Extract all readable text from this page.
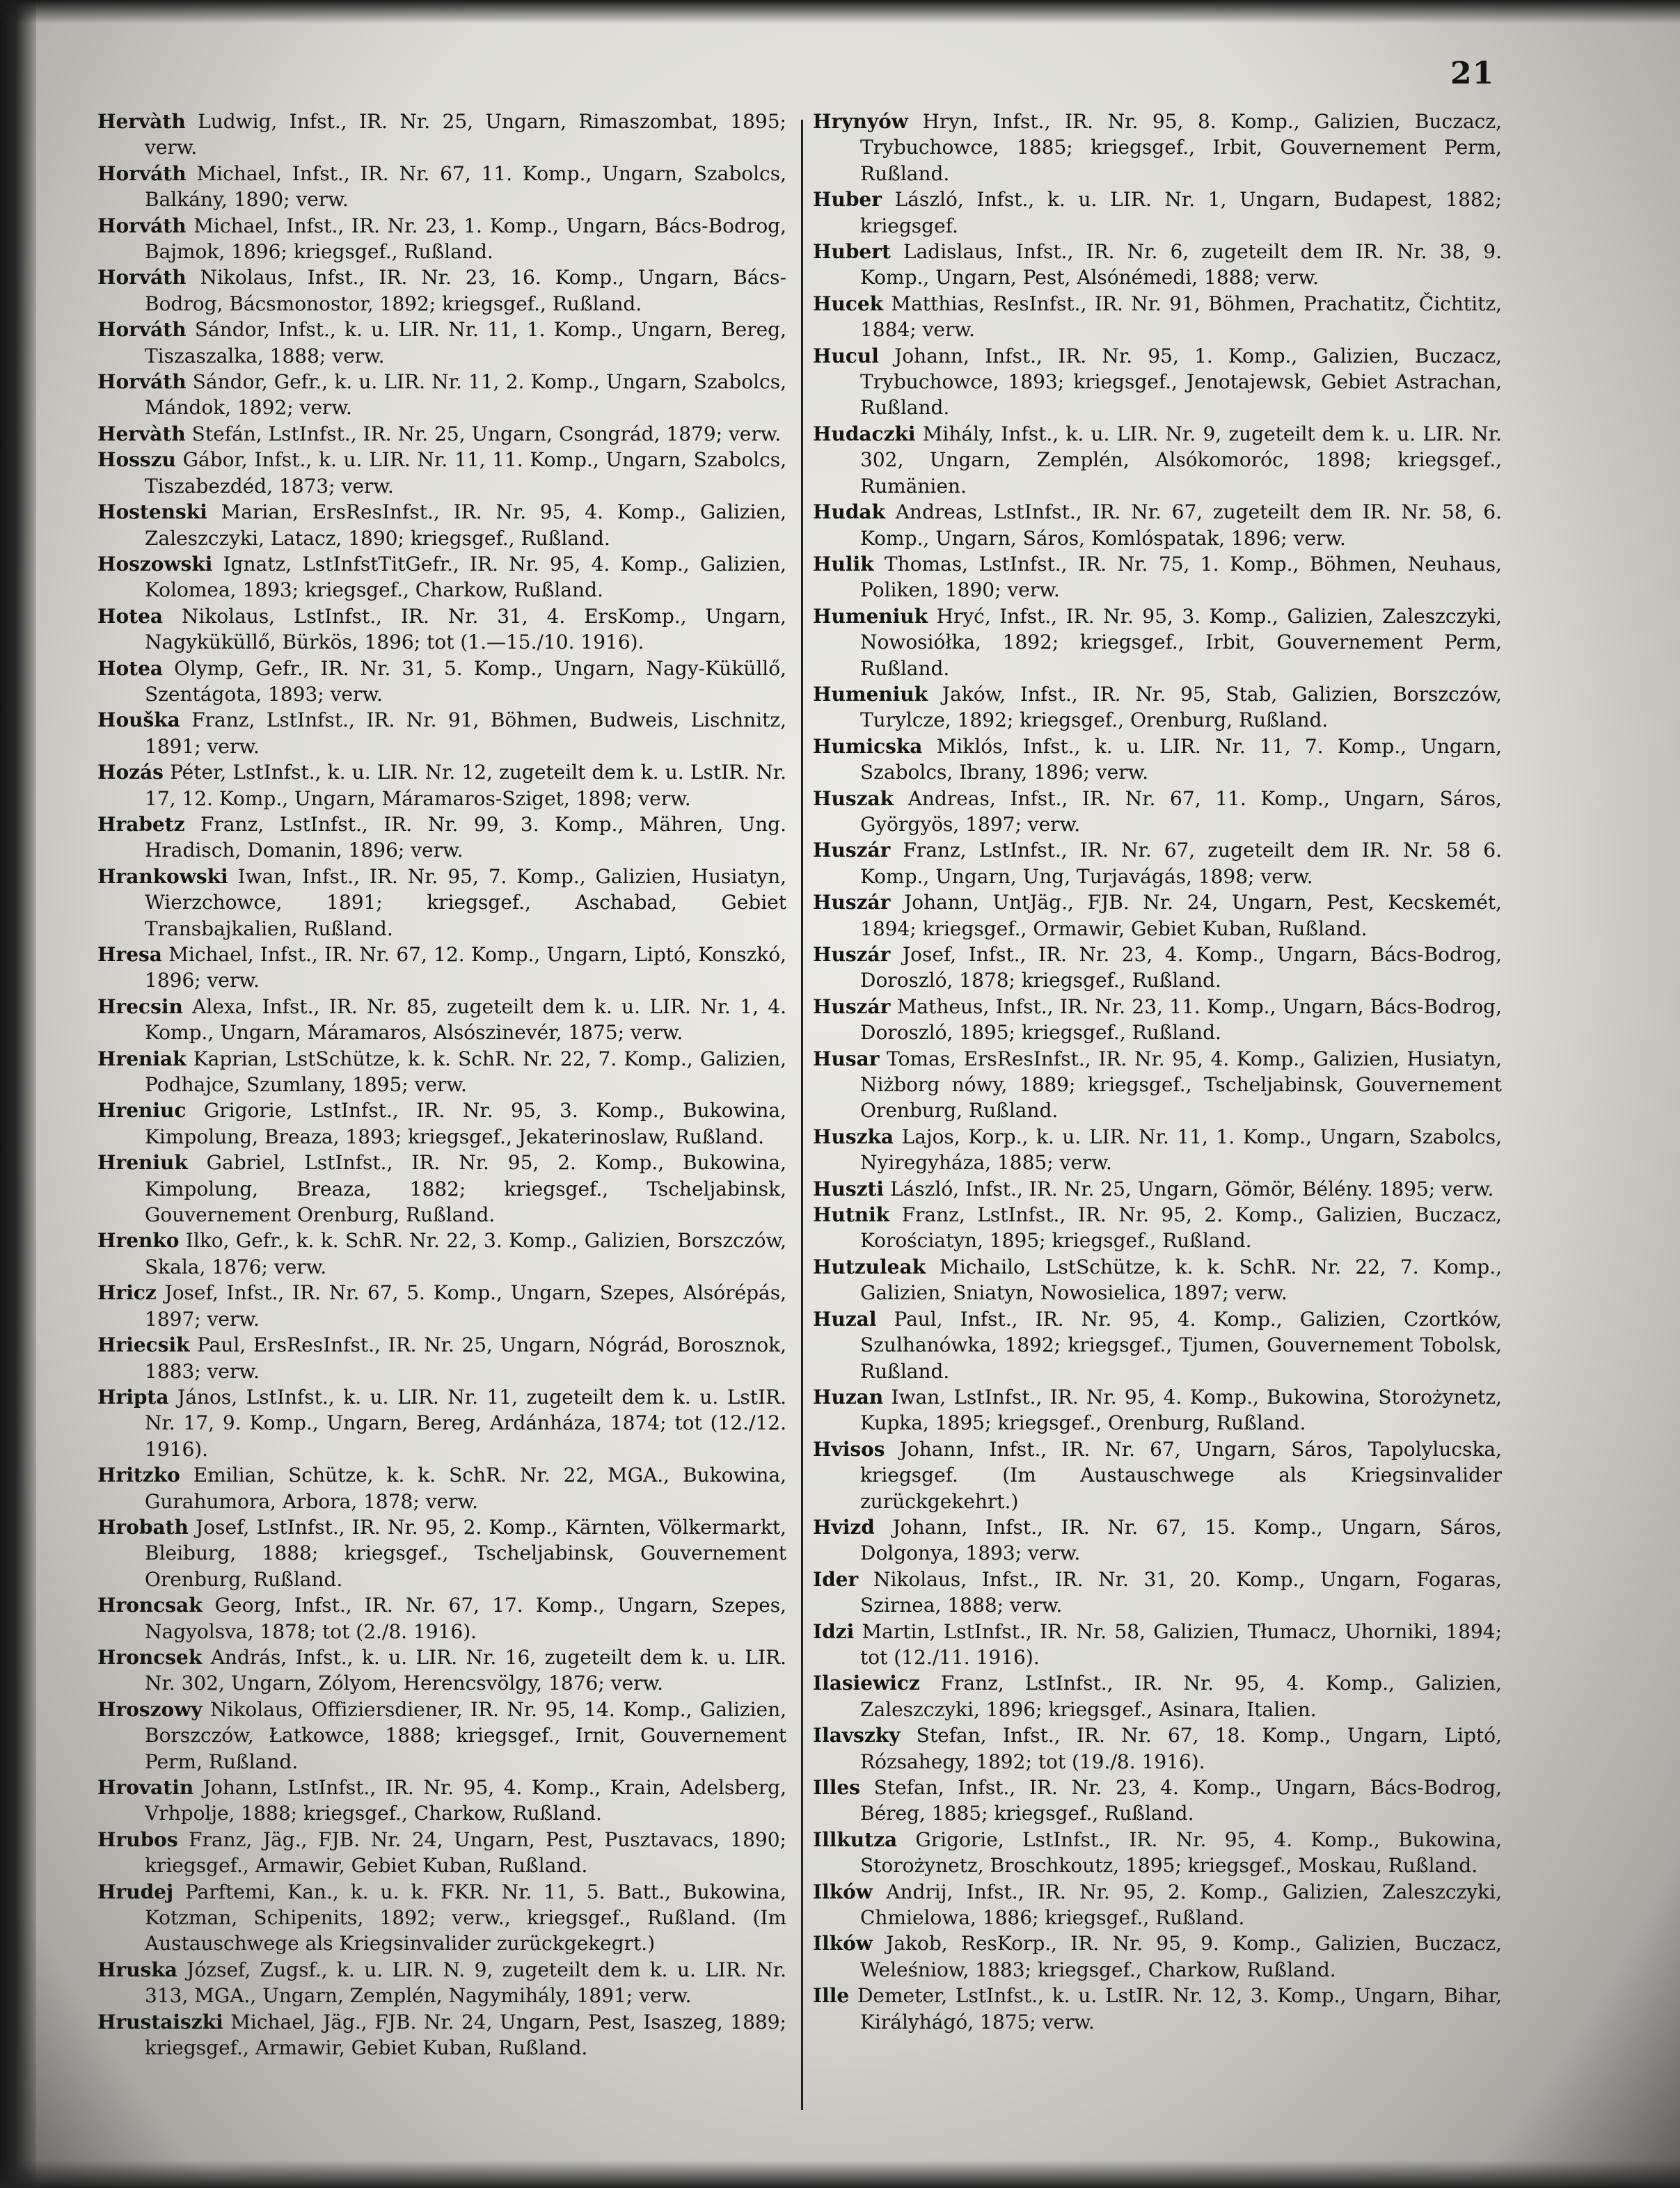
21

Hervàth Ludwig, Infst., IR. Nr. 25, Ungarn, Rimaszombat, 1895; verw.

Horváth Michael, Infst., IR. Nr. 67, 11. Komp., Ungarn, Szabolcs, Balkány, 1890; verw.

Horváth Michael, Infst., IR. Nr. 23, 1. Komp., Ungarn, Bács-Bodrog, Bajmok, 1896; kriegsgef., Rußland.

Horváth Nikolaus, Infst., IR. Nr. 23, 16. Komp., Ungarn, Bács-Bodrog, Bácsmonostor, 1892; kriegsgef., Rußland.

Horváth Sándor, Infst., k. u. LIR. Nr. 11, 1. Komp., Ungarn, Bereg, Tiszaszalka, 1888; verw.

Horváth Sándor, Gefr., k. u. LIR. Nr. 11, 2. Komp., Ungarn, Szabolcs, Mándok, 1892; verw.

Hervàth Stefán, LstInfst., IR. Nr. 25, Ungarn, Csongrád, 1879; verw.

Hosszu Gábor, Infst., k. u. LIR. Nr. 11, 11. Komp., Ungarn, Szabolcs, Tiszabezdéd, 1873; verw.

Hostenski Marian, ErsResInfst., IR. Nr. 95, 4. Komp., Galizien, Zaleszczyki, Latacz, 1890; kriegsgef., Rußland.

Hoszowski Ignatz, LstInfstTitGefr., IR. Nr. 95, 4. Komp., Galizien, Kolomea, 1893; kriegsgef., Charkow, Rußland.

Hotea Nikolaus, LstInfst., IR. Nr. 31, 4. ErsKomp., Ungarn, Nagyküküllő, Bürkös, 1896; tot (1.—15./10. 1916).

Hotea Olymp, Gefr., IR. Nr. 31, 5. Komp., Ungarn, Nagy-Küküllő, Szentágota, 1893; verw.

Houška Franz, LstInfst., IR. Nr. 91, Böhmen, Budweis, Lischnitz, 1891; verw.

Hozás Péter, LstInfst., k. u. LIR. Nr. 12, zugeteilt dem k. u. LstIR. Nr. 17, 12. Komp., Ungarn, Máramaros-Sziget, 1898; verw.

Hrabetz Franz, LstInfst., IR. Nr. 99, 3. Komp., Mähren, Ung. Hradisch, Domanin, 1896; verw.

Hrankowski Iwan, Infst., IR. Nr. 95, 7. Komp., Galizien, Husiatyn, Wierzchowce, 1891; kriegsgef., Aschabad, Gebiet Transbajkalien, Rußland.

Hresa Michael, Infst., IR. Nr. 67, 12. Komp., Ungarn, Liptó, Konszkó, 1896; verw.

Hrecsin Alexa, Infst., IR. Nr. 85, zugeteilt dem k. u. LIR. Nr. 1, 4. Komp., Ungarn, Máramaros, Alsószinevér, 1875; verw.

Hreniak Kaprian, LstSchütze, k. k. SchR. Nr. 22, 7. Komp., Galizien, Podhajce, Szumlany, 1895; verw.

Hreniuc Grigorie, LstInfst., IR. Nr. 95, 3. Komp., Bukowina, Kimpolung, Breaza, 1893; kriegsgef., Jekaterinoslaw, Rußland.

Hreniuk Gabriel, LstInfst., IR. Nr. 95, 2. Komp., Bukowina, Kimpolung, Breaza, 1882; kriegsgef., Tscheljabinsk, Gouvernement Orenburg, Rußland.

Hrenko Ilko, Gefr., k. k. SchR. Nr. 22, 3. Komp., Galizien, Borszczów, Skala, 1876; verw.

Hricz Josef, Infst., IR. Nr. 67, 5. Komp., Ungarn, Szepes, Alsórépás, 1897; verw.

Hriecsik Paul, ErsResInfst., IR. Nr. 25, Ungarn, Nógrád, Borosznok, 1883; verw.

Hripta János, LstInfst., k. u. LIR. Nr. 11, zugeteilt dem k. u. LstIR. Nr. 17, 9. Komp., Ungarn, Bereg, Ardánháza, 1874; tot (12./12. 1916).

Hritzko Emilian, Schütze, k. k. SchR. Nr. 22, MGA., Bukowina, Gurahumora, Arbora, 1878; verw.

Hrobath Josef, LstInfst., IR. Nr. 95, 2. Komp., Kärnten, Völkermarkt, Bleiburg, 1888; kriegsgef., Tscheljabinsk, Gouvernement Orenburg, Rußland.

Hroncsak Georg, Infst., IR. Nr. 67, 17. Komp., Ungarn, Szepes, Nagyolsva, 1878; tot (2./8. 1916).

Hroncsek András, Infst., k. u. LIR. Nr. 16, zugeteilt dem k. u. LIR. Nr. 302, Ungarn, Zólyom, Herencsvölgy, 1876; verw.

Hroszowy Nikolaus, Offiziersdiener, IR. Nr. 95, 14. Komp., Galizien, Borszczów, Łatkowce, 1888; kriegsgef., Irnit, Gouvernement Perm, Rußland.

Hrovatin Johann, LstInfst., IR. Nr. 95, 4. Komp., Krain, Adelsberg, Vrhpolje, 1888; kriegsgef., Charkow, Rußland.

Hrubos Franz, Jäg., FJB. Nr. 24, Ungarn, Pest, Pusztavacs, 1890; kriegsgef., Armawir, Gebiet Kuban, Rußland.

Hrudej Parftemi, Kan., k. u. k. FKR. Nr. 11, 5. Batt., Bukowina, Kotzman, Schipenits, 1892; verw., kriegsgef., Rußland. (Im Austauschwege als Kriegsinvalider zurückgekegrt.)

Hruska József, Zugsf., k. u. LIR. N. 9, zugeteilt dem k. u. LIR. Nr. 313, MGA., Ungarn, Zemplén, Nagymihály, 1891; verw.

Hrustaiszki Michael, Jäg., FJB. Nr. 24, Ungarn, Pest, Isaszeg, 1889; kriegsgef., Armawir, Gebiet Kuban, Rußland.

Hrynyów Hryn, Infst., IR. Nr. 95, 8. Komp., Galizien, Buczacz, Trybuchowce, 1885; kriegsgef., Irbit, Gouvernement Perm, Rußland.

Huber László, Infst., k. u. LIR. Nr. 1, Ungarn, Budapest, 1882; kriegsgef.

Hubert Ladislaus, Infst., IR. Nr. 6, zugeteilt dem IR. Nr. 38, 9. Komp., Ungarn, Pest, Alsónémedi, 1888; verw.

Hucek Matthias, ResInfst., IR. Nr. 91, Böhmen, Prachatitz, Čichtitz, 1884; verw.

Hucul Johann, Infst., IR. Nr. 95, 1. Komp., Galizien, Buczacz, Trybuchowce, 1893; kriegsgef., Jenotajewsk, Gebiet Astrachan, Rußland.

Hudaczki Mihály, Infst., k. u. LIR. Nr. 9, zugeteilt dem k. u. LIR. Nr. 302, Ungarn, Zemplén, Alsókomoróc, 1898; kriegsgef., Rumänien.

Hudak Andreas, LstInfst., IR. Nr. 67, zugeteilt dem IR. Nr. 58, 6. Komp., Ungarn, Sáros, Komlóspatak, 1896; verw.

Hulik Thomas, LstInfst., IR. Nr. 75, 1. Komp., Böhmen, Neuhaus, Poliken, 1890; verw.

Humeniuk Hryć, Infst., IR. Nr. 95, 3. Komp., Galizien, Zaleszczyki, Nowosiółka, 1892; kriegsgef., Irbit, Gouvernement Perm, Rußland.

Humeniuk Jaków, Infst., IR. Nr. 95, Stab, Galizien, Borszczów, Turylcze, 1892; kriegsgef., Orenburg, Rußland.

Humicska Miklós, Infst., k. u. LIR. Nr. 11, 7. Komp., Ungarn, Szabolcs, Ibrany, 1896; verw.

Huszak Andreas, Infst., IR. Nr. 67, 11. Komp., Ungarn, Sáros, Györgyös, 1897; verw.

Huszár Franz, LstInfst., IR. Nr. 67, zugeteilt dem IR. Nr. 58 6. Komp., Ungarn, Ung, Turjavágás, 1898; verw.

Huszár Johann, UntJäg., FJB. Nr. 24, Ungarn, Pest, Kecskemét, 1894; kriegsgef., Ormawir, Gebiet Kuban, Rußland.

Huszár Josef, Infst., IR. Nr. 23, 4. Komp., Ungarn, Bács-Bodrog, Doroszló, 1878; kriegsgef., Rußland.

Huszár Matheus, Infst., IR. Nr. 23, 11. Komp., Ungarn, Bács-Bodrog, Doroszló, 1895; kriegsgef., Rußland.

Husar Tomas, ErsResInfst., IR. Nr. 95, 4. Komp., Galizien, Husiatyn, Niżborg nówy, 1889; kriegsgef., Tscheljabinsk, Gouvernement Orenburg, Rußland.

Huszka Lajos, Korp., k. u. LIR. Nr. 11, 1. Komp., Ungarn, Szabolcs, Nyiregyháza, 1885; verw.

Huszti László, Infst., IR. Nr. 25, Ungarn, Gömör, Bélény. 1895; verw.

Hutnik Franz, LstInfst., IR. Nr. 95, 2. Komp., Galizien, Buczacz, Korościatyn, 1895; kriegsgef., Rußland.

Hutzuleak Michailo, LstSchütze, k. k. SchR. Nr. 22, 7. Komp., Galizien, Sniatyn, Nowosielica, 1897; verw.

Huzal Paul, Infst., IR. Nr. 95, 4. Komp., Galizien, Czortków, Szulhanówka, 1892; kriegsgef., Tjumen, Gouvernement Tobolsk, Rußland.

Huzan Iwan, LstInfst., IR. Nr. 95, 4. Komp., Bukowina, Storożynetz, Kupka, 1895; kriegsgef., Orenburg, Rußland.

Hvisos Johann, Infst., IR. Nr. 67, Ungarn, Sáros, Tapolylucska, kriegsgef. (Im Austauschwege als Kriegsinvalider zurückgekehrt.)

Hvizd Johann, Infst., IR. Nr. 67, 15. Komp., Ungarn, Sáros, Dolgonya, 1893; verw.

Ider Nikolaus, Infst., IR. Nr. 31, 20. Komp., Ungarn, Fogaras, Szirnea, 1888; verw.

Idzi Martin, LstInfst., IR. Nr. 58, Galizien, Tłumacz, Uhorniki, 1894; tot (12./11. 1916).

Ilasiewicz Franz, LstInfst., IR. Nr. 95, 4. Komp., Galizien, Zaleszczyki, 1896; kriegsgef., Asinara, Italien.

Ilavszky Stefan, Infst., IR. Nr. 67, 18. Komp., Ungarn, Liptó, Rózsahegy, 1892; tot (19./8. 1916).

Illes Stefan, Infst., IR. Nr. 23, 4. Komp., Ungarn, Bács-Bodrog, Béreg, 1885; kriegsgef., Rußland.

Illkutza Grigorie, LstInfst., IR. Nr. 95, 4. Komp., Bukowina, Storożynetz, Broschkoutz, 1895; kriegsgef., Moskau, Rußland.

Ilków Andrij, Infst., IR. Nr. 95, 2. Komp., Galizien, Zaleszczyki, Chmielowa, 1886; kriegsgef., Rußland.

Ilków Jakob, ResKorp., IR. Nr. 95, 9. Komp., Galizien, Buczacz, Weleśniow, 1883; kriegsgef., Charkow, Rußland.

Ille Demeter, LstInfst., k. u. LstIR. Nr. 12, 3. Komp., Ungarn, Bihar, Királyhágó, 1875; verw.
